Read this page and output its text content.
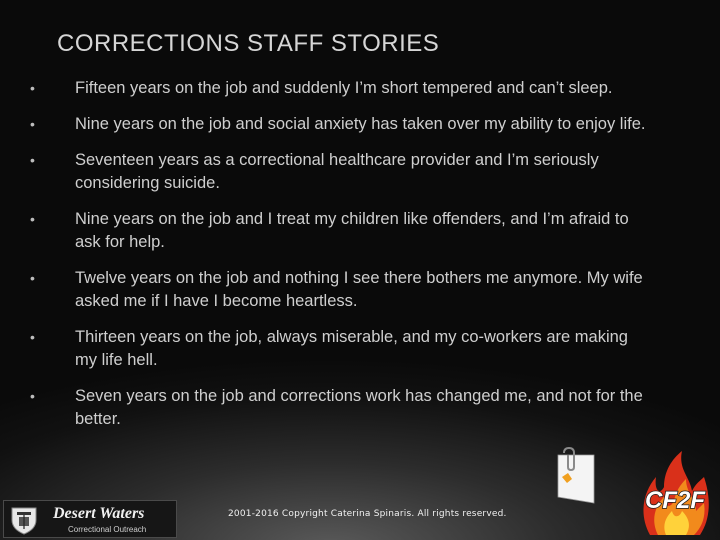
CORRECTIONS STAFF STORIES
• Fifteen years on the job and suddenly I’m short tempered and can’t sleep.
• Nine years on the job and social anxiety has taken over my ability to enjoy life.
• Seventeen years as a correctional healthcare provider and I’m seriously considering suicide.
• Nine years on the job and I treat my children like offenders, and I’m afraid to ask for help.
• Twelve years on the job and nothing I see there bothers me anymore. My wife asked me if I have I become heartless.
• Thirteen years on the job, always miserable, and my co-workers are making my life hell.
• Seven years on the job and corrections work has changed me, and not for the better.
CF2F
Desert Waters
Correctional Outreach
2001-2016 Copyright Caterina Spinaris. All rights reserved.
